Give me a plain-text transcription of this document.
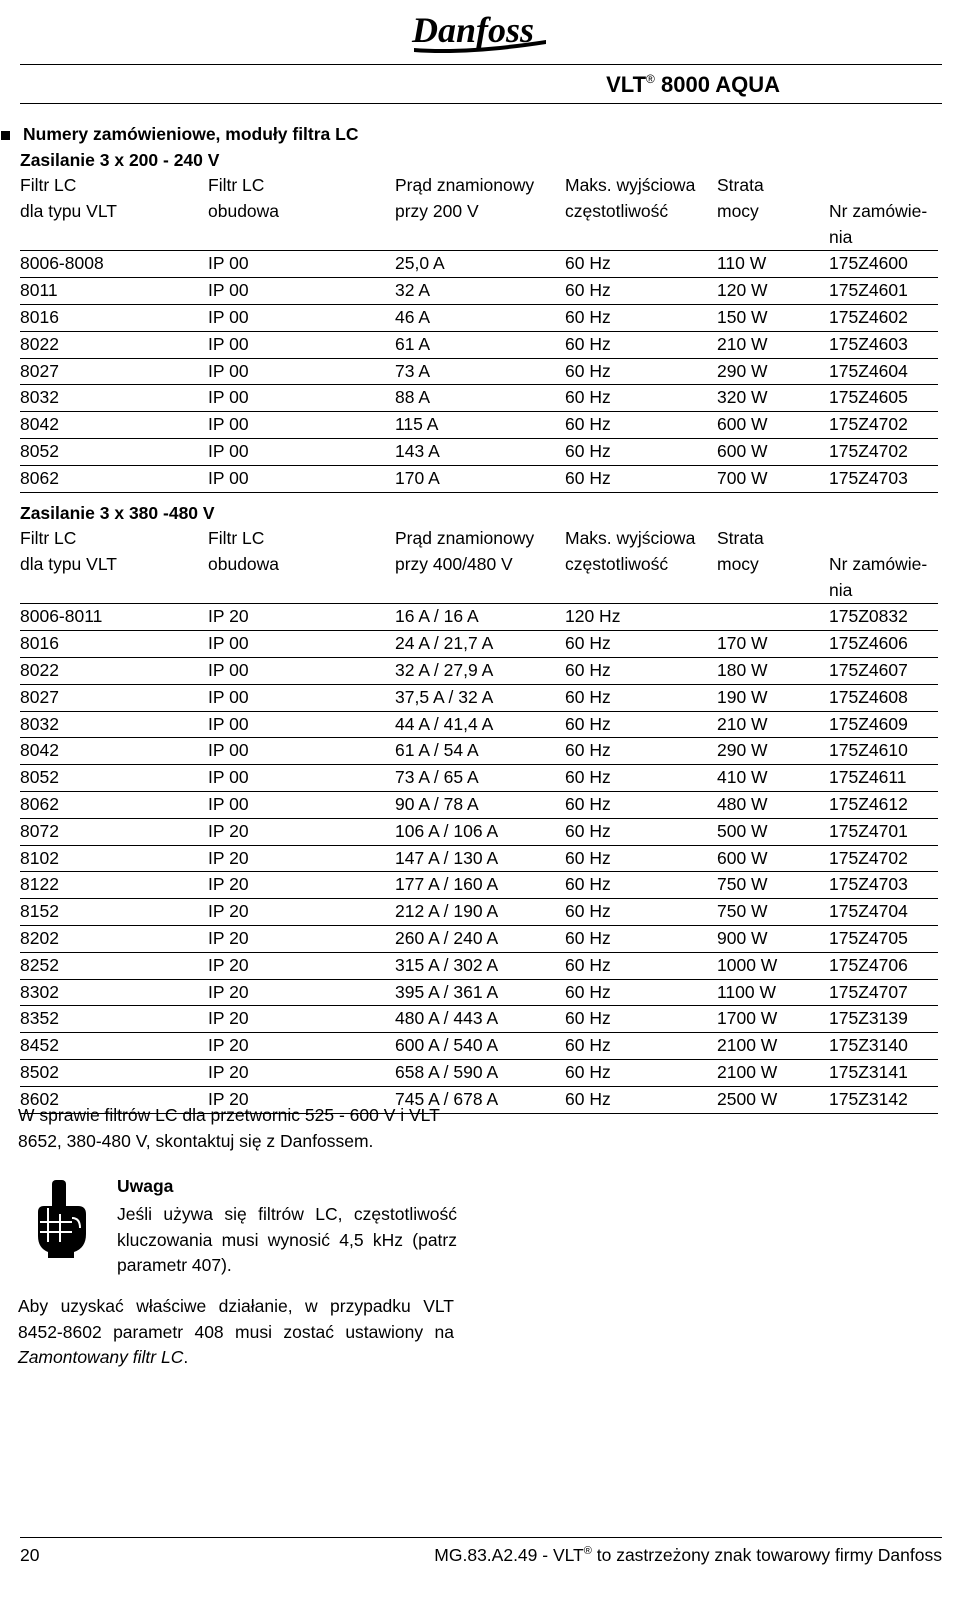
Danfoss
VLT® 8000 AQUA
Numery zamówieniowe, moduły filtra LC
Zasilanie 3 x 200 - 240 V
Filtr LC	Filtr LC	Prąd znamionowy	Maks. wyjściowa	Strata	
dla typu VLT	obudowa	przy 200 V	częstotliwość	mocy	Nr zamówie-
					nia
8006-8008	IP 00	25,0 A	60 Hz	110 W	175Z4600
8011	IP 00	32 A	60 Hz	120 W	175Z4601
8016	IP 00	46 A	60 Hz	150 W	175Z4602
8022	IP 00	61 A	60 Hz	210 W	175Z4603
8027	IP 00	73 A	60 Hz	290 W	175Z4604
8032	IP 00	88 A	60 Hz	320 W	175Z4605
8042	IP 00	115 A	60 Hz	600 W	175Z4702
8052	IP 00	143 A	60 Hz	600 W	175Z4702
8062	IP 00	170 A	60 Hz	700 W	175Z4703
Zasilanie 3 x 380 -480 V
Filtr LC	Filtr LC	Prąd znamionowy	Maks. wyjściowa	Strata	
dla typu VLT	obudowa	przy 400/480 V	częstotliwość	mocy	Nr zamówie-
					nia
8006-8011	IP 20	16 A / 16 A	120 Hz		175Z0832
8016	IP 00	24 A / 21,7 A	60 Hz	170 W	175Z4606
8022	IP 00	32 A / 27,9 A	60 Hz	180 W	175Z4607
8027	IP 00	37,5 A / 32 A	60 Hz	190 W	175Z4608
8032	IP 00	44 A / 41,4 A	60 Hz	210 W	175Z4609
8042	IP 00	61 A / 54 A	60 Hz	290 W	175Z4610
8052	IP 00	73 A / 65 A	60 Hz	410 W	175Z4611
8062	IP 00	90 A / 78 A	60 Hz	480 W	175Z4612
8072	IP 20	106 A / 106 A	60 Hz	500 W	175Z4701
8102	IP 20	147 A / 130 A	60 Hz	600 W	175Z4702
8122	IP 20	177 A / 160 A	60 Hz	750 W	175Z4703
8152	IP 20	212 A / 190 A	60 Hz	750 W	175Z4704
8202	IP 20	260 A / 240 A	60 Hz	900 W	175Z4705
8252	IP 20	315 A / 302 A	60 Hz	1000 W	175Z4706
8302	IP 20	395 A / 361 A	60 Hz	1100 W	175Z4707
8352	IP 20	480 A / 443 A	60 Hz	1700 W	175Z3139
8452	IP 20	600 A / 540 A	60 Hz	2100 W	175Z3140
8502	IP 20	658 A / 590 A	60 Hz	2100 W	175Z3141
8602	IP 20	745 A / 678 A	60 Hz	2500 W	175Z3142
W sprawie filtrów LC dla przetwornic 525 - 600 V i VLT 8652, 380-480 V, skontaktuj się z Danfossem.
Uwaga
Jeśli używa się filtrów LC, częstotliwość kluczowania musi wynosić 4,5 kHz (patrz parametr 407).
Aby uzyskać właściwe działanie, w przypadku VLT 8452-8602 parametr 408 musi zostać ustawiony na Zamontowany filtr LC.
20	MG.83.A2.49 - VLT® to zastrzeżony znak towarowy firmy Danfoss
